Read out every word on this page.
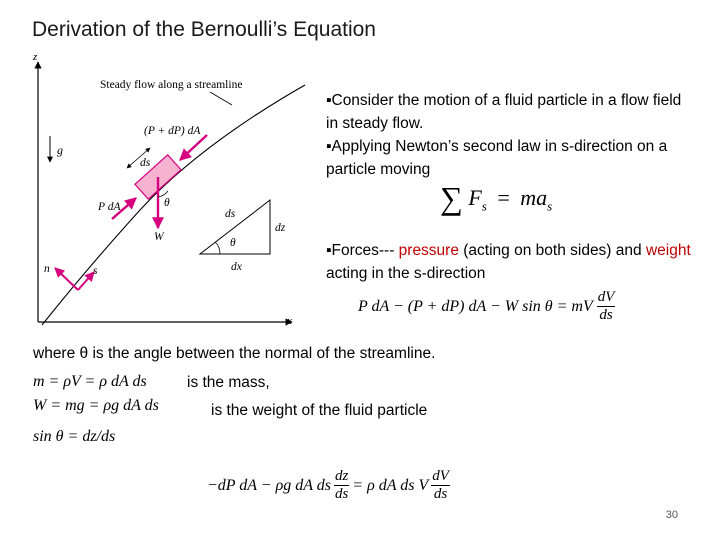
Derivation of the Bernoulli’s Equation
z
x
Steady flow along a streamline
g
(P + dP) dA
P dA
ds
W
θ
n	s
ds
dz
dx
θ

▪Consider the motion of a fluid particle in a flow field in steady flow.

▪Applying Newton’s second law in s-direction on a particle moving

∑ $F_s = ma_s$
▪Forces--- pressure (acting on both sides) and weight acting in the s-direction
P dA − (P + dP) dA − W sin θ = mV
dV
ds
where θ is the angle between the normal of the streamline.
m = ρV = ρ dA ds	is the mass,
W = mg = ρg dA ds	is the weight of the fluid particle
sin θ = dz/ds
−dP dA − ρg dA ds $\frac{dz}{ds} = \rho$ dA ds V
dV
ds
30
